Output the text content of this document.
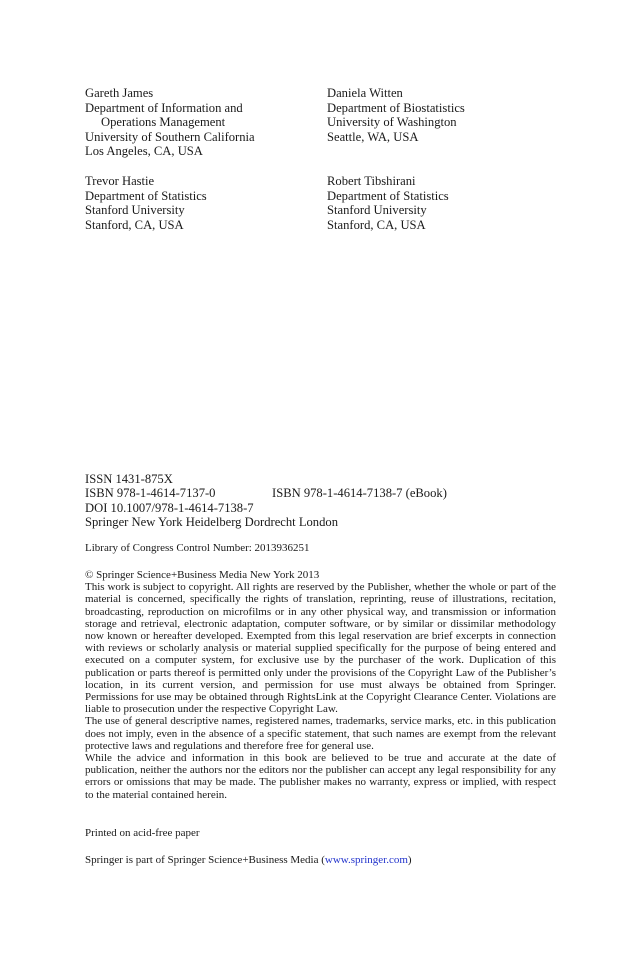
Gareth James
Department of Information and
Operations Management
University of Southern California
Los Angeles, CA, USA
Daniela Witten
Department of Biostatistics
University of Washington
Seattle, WA, USA
Trevor Hastie
Department of Statistics
Stanford University
Stanford, CA, USA
Robert Tibshirani
Department of Statistics
Stanford University
Stanford, CA, USA
ISSN 1431-875X
ISBN 978-1-4614-7137-0	ISBN 978-1-4614-7138-7 (eBook)
DOI 10.1007/978-1-4614-7138-7
Springer New York Heidelberg Dordrecht London
Library of Congress Control Number: 2013936251

© Springer Science+Business Media New York 2013

This work is subject to copyright. All rights are reserved by the Publisher, whether the whole or part of the material is concerned, specifically the rights of translation, reprinting, reuse of illustrations, recitation, broadcasting, reproduction on microfilms or in any other physical way, and transmission or information storage and retrieval, electronic adaptation, computer software, or by similar or dissimilar methodology now known or hereafter developed. Exempted from this legal reservation are brief excerpts in connection with reviews or scholarly analysis or material supplied specifically for the purpose of being entered and executed on a computer system, for exclusive use by the purchaser of the work. Duplication of this publication or parts thereof is permitted only under the provisions of the Copyright Law of the Publisher’s location, in its current version, and permission for use must always be obtained from Springer. Permissions for use may be obtained through RightsLink at the Copyright Clearance Center. Violations are liable to prosecution under the respective Copyright Law.

The use of general descriptive names, registered names, trademarks, service marks, etc. in this publication does not imply, even in the absence of a specific statement, that such names are exempt from the relevant protective laws and regulations and therefore free for general use.

While the advice and information in this book are believed to be true and accurate at the date of publication, neither the authors nor the editors nor the publisher can accept any legal responsibility for any errors or omissions that may be made. The publisher makes no warranty, express or implied, with respect to the material contained herein.

Printed on acid-free paper
Springer is part of Springer Science+Business Media (www.springer.com)
